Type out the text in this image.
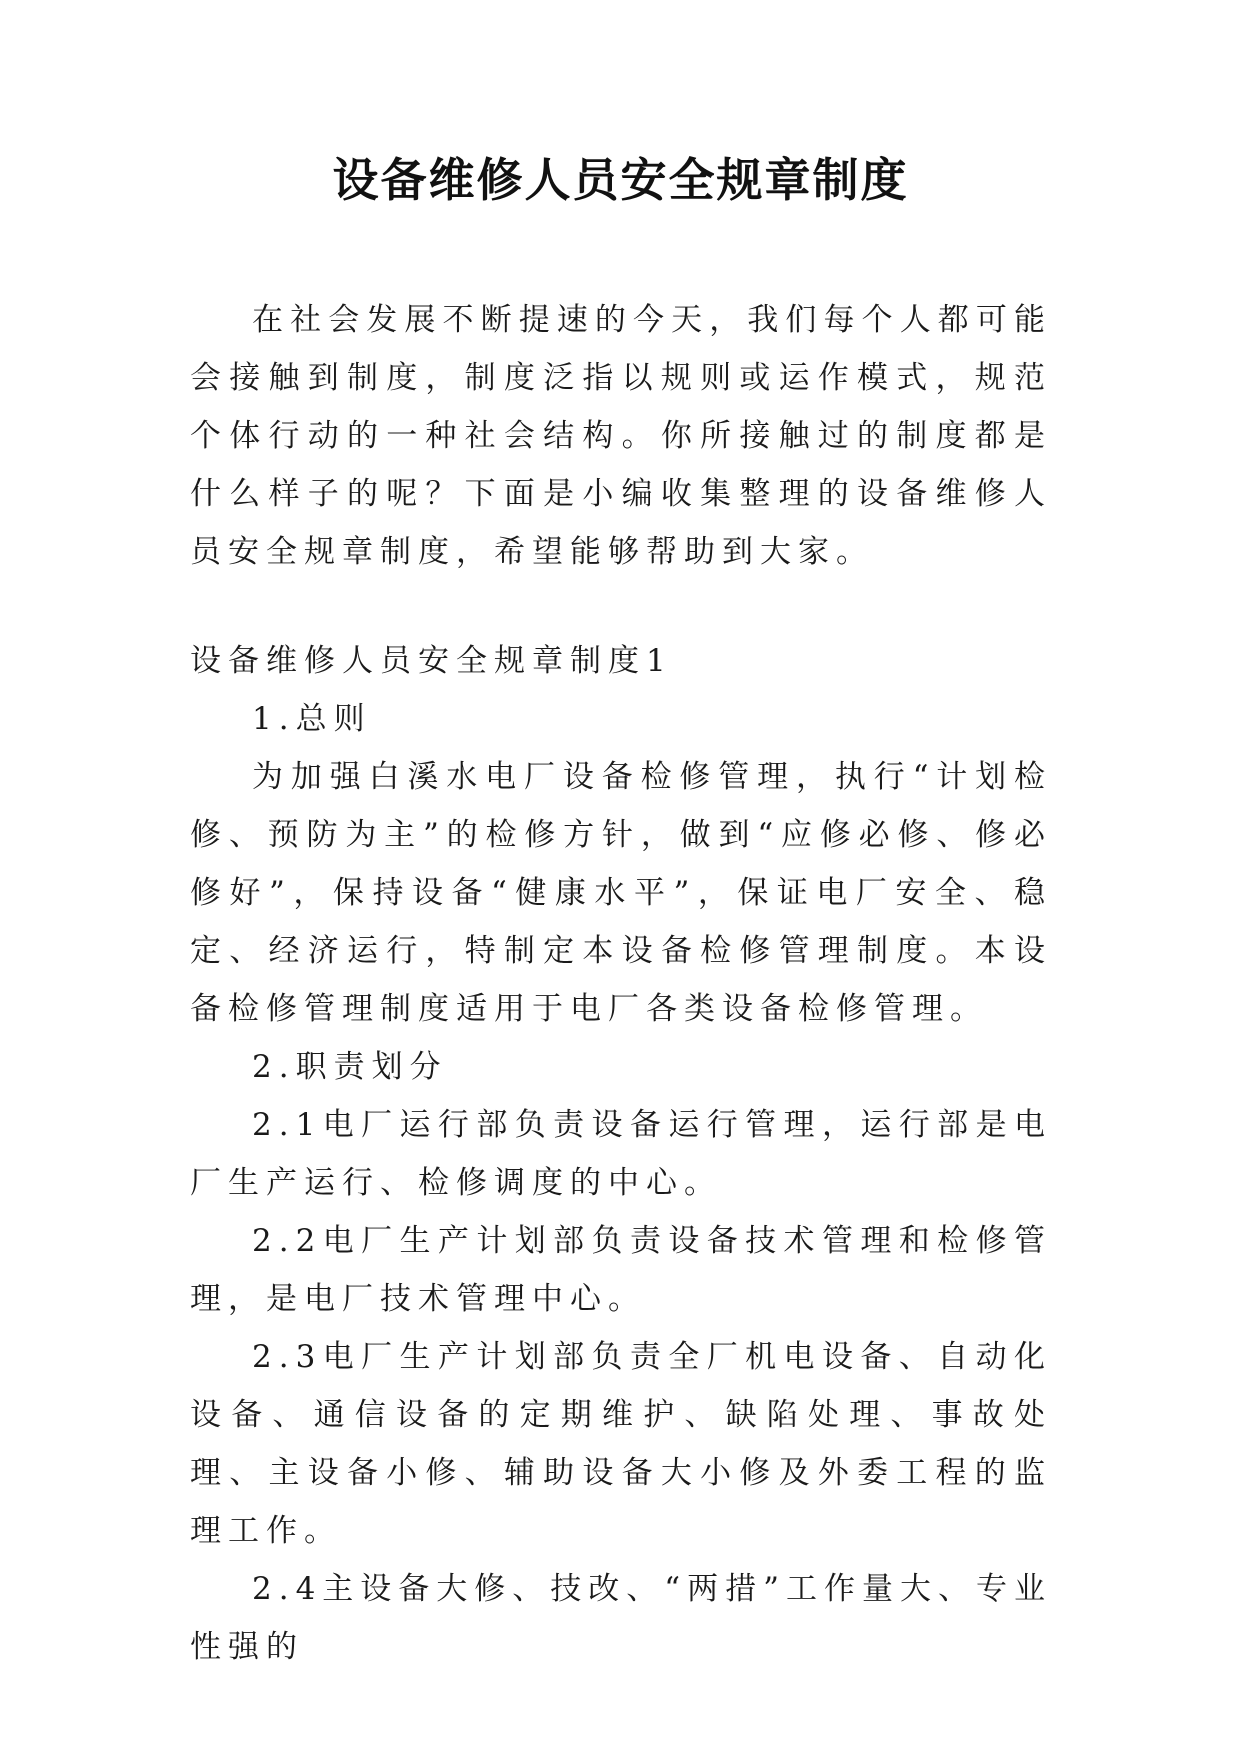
设备维修人员安全规章制度

在社会发展不断提速的今天，我们每个人都可能会接触到制度，制度泛指以规则或运作模式，规范个体行动的一种社会结构。你所接触过的制度都是什么样子的呢？下面是小编收集整理的设备维修人员安全规章制度，希望能够帮助到大家。

设备维修人员安全规章制度1

1.总则

为加强白溪水电厂设备检修管理，执行“计划检修、预防为主”的检修方针，做到“应修必修、修必修好”，保持设备“健康水平”，保证电厂安全、稳定、经济运行，特制定本设备检修管理制度。本设备检修管理制度适用于电厂各类设备检修管理。

2.职责划分

2.1电厂运行部负责设备运行管理，运行部是电厂生产运行、检修调度的中心。

2.2电厂生产计划部负责设备技术管理和检修管理，是电厂技术管理中心。

2.3电厂生产计划部负责全厂机电设备、自动化设备、通信设备的定期维护、缺陷处理、事故处理、主设备小修、辅助设备大小修及外委工程的监理工作。

2.4主设备大修、技改、“两措”工作量大、专业性强的
